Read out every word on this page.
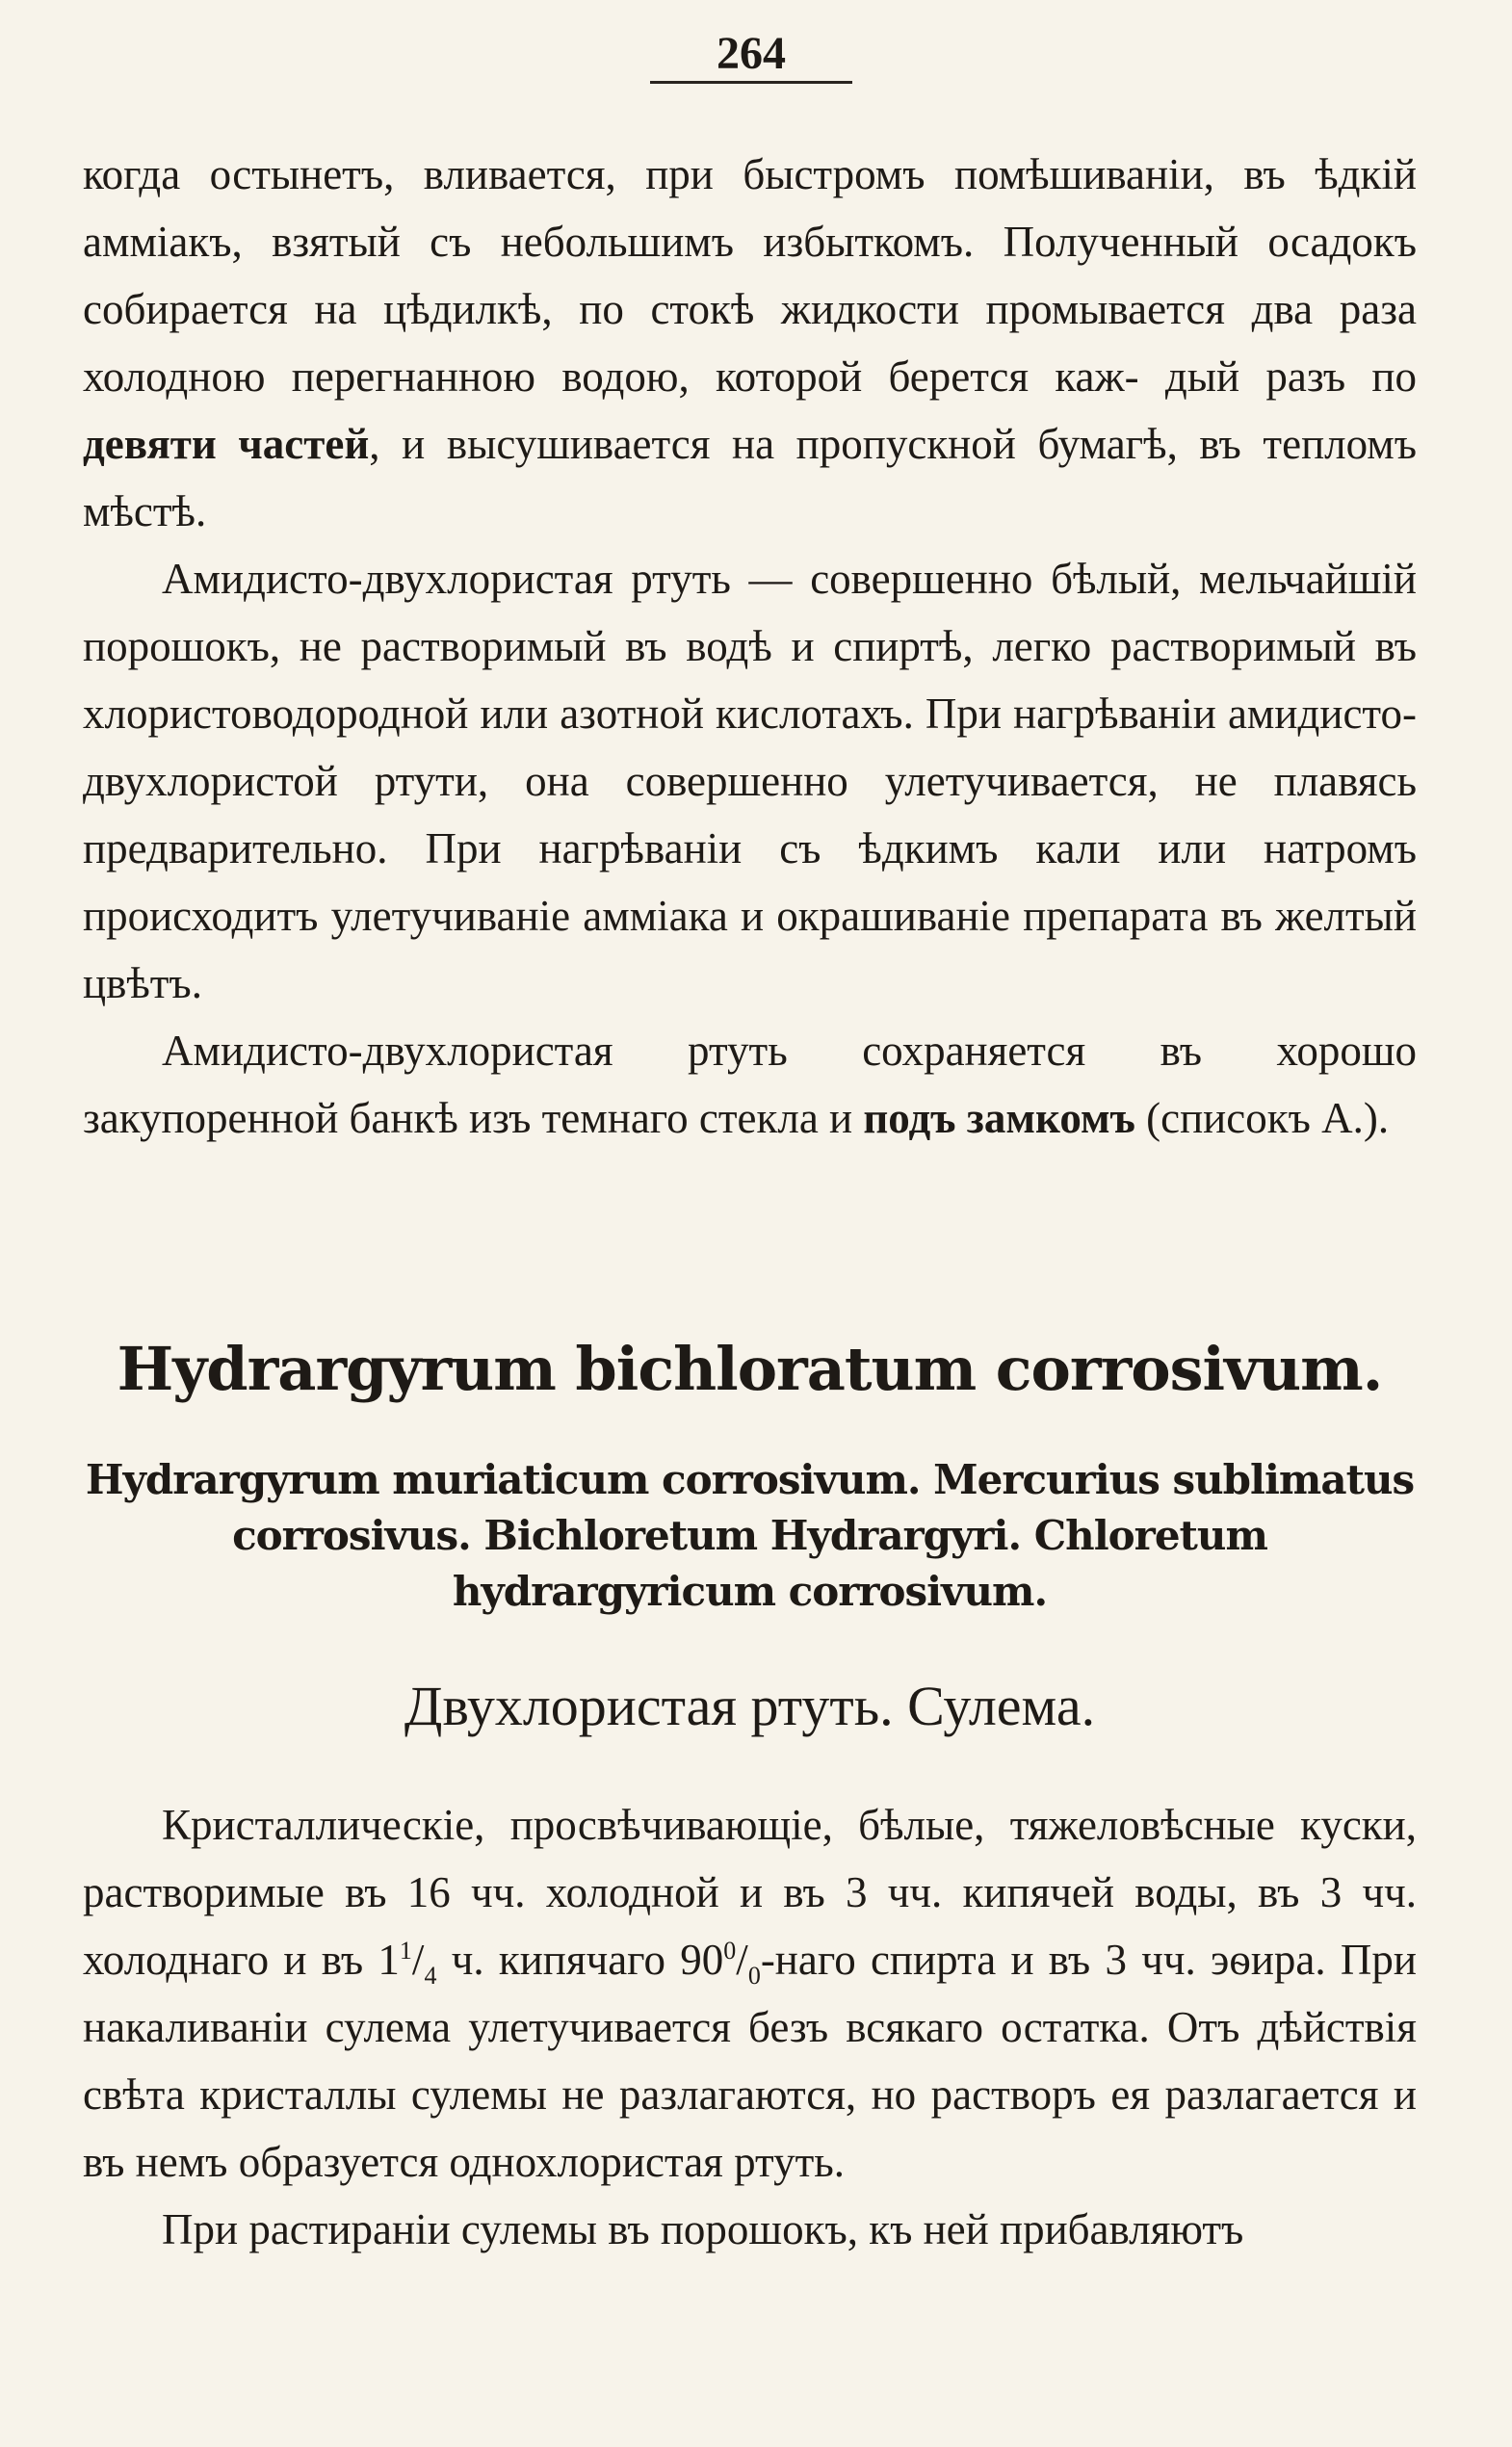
264

когда остынетъ, вливается, при быстромъ помѣшиваніи, въ ѣдкій амміакъ, взятый съ небольшимъ избыткомъ. Полученный осадокъ собирается на цѣдилкѣ, по стокѣ жидкости промывается два раза холодною перегнанною водою, которой берется каж- дый разъ по девяти частей, и высушивается на пропускной бумагѣ, въ тепломъ мѣстѣ.

Амидисто-двухлористая ртуть — совершенно бѣлый, мельчайшій порошокъ, не растворимый въ водѣ и спиртѣ, легко растворимый въ хлористоводородной или азотной кислотахъ. При нагрѣваніи амидисто-двухлористой ртути, она совершенно улетучивается, не плавясь предварительно. При нагрѣваніи съ ѣдкимъ кали или натромъ происходитъ улетучиваніе амміака и окрашиваніе препарата въ желтый цвѣтъ.

Амидисто-двухлористая ртуть сохраняется въ хорошо закупоренной банкѣ изъ темнаго стекла и подъ замкомъ (списокъ А.).

Hydrargyrum bichloratum corrosivum.
Hydrargyrum muriaticum corrosivum. Mercurius sublimatus corrosivus. Bichloretum Hydrargyri. Chloretum hydrargyricum corrosivum.
Двухлористая ртуть. Сулема.

Кристаллическіе, просвѣчивающіе, бѣлые, тяжеловѣсные куски, растворимые въ 16 чч. холодной и въ 3 чч. кипячей воды, въ 3 чч. холоднаго и въ $1^1/_4$ ч. кипячаго $90^0/_0$-наго спирта и въ 3 чч. эѳира. При накаливаніи сулема улетучивается безъ всякаго остатка. Отъ дѣйствія свѣта кристаллы сулемы не разлагаются, но растворъ ея разлагается и въ немъ образуется однохлористая ртуть.

При растираніи сулемы въ порошокъ, къ ней прибавляютъ
